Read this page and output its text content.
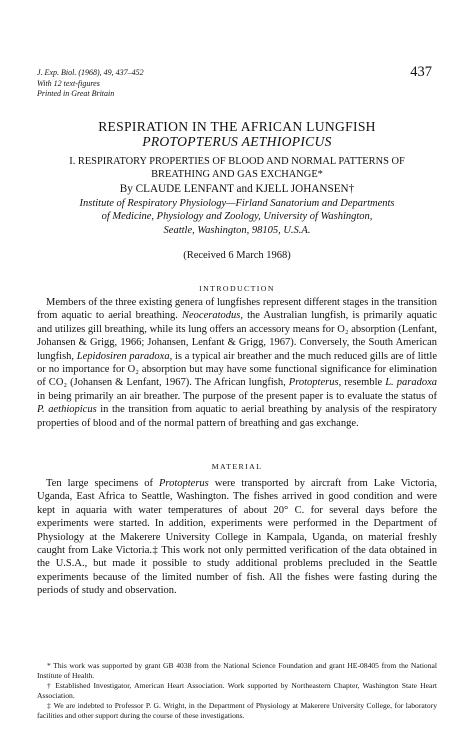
J. Exp. Biol. (1968), 49, 437–452
With 12 text-figures
Printed in Great Britain
437
RESPIRATION IN THE AFRICAN LUNGFISH
PROTOPTERUS AETHIOPICUS
I. RESPIRATORY PROPERTIES OF BLOOD AND NORMAL PATTERNS OF BREATHING AND GAS EXCHANGE*
By CLAUDE LENFANT and KJELL JOHANSEN†
Institute of Respiratory Physiology—Firland Sanatorium and Departments
of Medicine, Physiology and Zoology, University of Washington,
Seattle, Washington, 98105, U.S.A.
(Received 6 March 1968)
INTRODUCTION

Members of the three existing genera of lungfishes represent different stages in the transition from aquatic to aerial breathing. Neoceratodus, the Australian lungfish, is primarily aquatic and utilizes gill breathing, while its lung offers an accessory means for O₂ absorption (Lenfant, Johansen & Grigg, 1966; Johansen, Lenfant & Grigg, 1967). Conversely, the South American lungfish, Lepidosiren paradoxa, is a typical air breather and the much reduced gills are of little or no importance for O₂ absorption but may have some functional significance for elimination of CO₂ (Johansen & Lenfant, 1967). The African lungfish, Protopterus, resemble L. paradoxa in being primarily an air breather. The purpose of the present paper is to evaluate the status of P. aethiopicus in the transition from aquatic to aerial breathing by analysis of the respiratory properties of blood and of the normal pattern of breathing and gas exchange.

MATERIAL

Ten large specimens of Protopterus were transported by aircraft from Lake Victoria, Uganda, East Africa to Seattle, Washington. The fishes arrived in good condition and were kept in aquaria with water temperatures of about 20° C. for several days before the experiments were started. In addition, experiments were performed in the Department of Physiology at the Makerere University College in Kampala, Uganda, on material freshly caught from Lake Victoria.‡ This work not only permitted verification of the data obtained in the U.S.A., but made it possible to study additional problems precluded in the Seattle experiments because of the limited number of fish. All the fishes were fasting during the periods of study and observation.

* This work was supported by grant GB 4038 from the National Science Foundation and grant HE-08405 from the National Institute of Health.

† Established Investigator, American Heart Association. Work supported by Northeastern Chapter, Washington State Heart Association.

‡ We are indebted to Professor P. G. Wright, in the Department of Physiology at Makerere University College, for laboratory facilities and other support during the course of these investigations.
